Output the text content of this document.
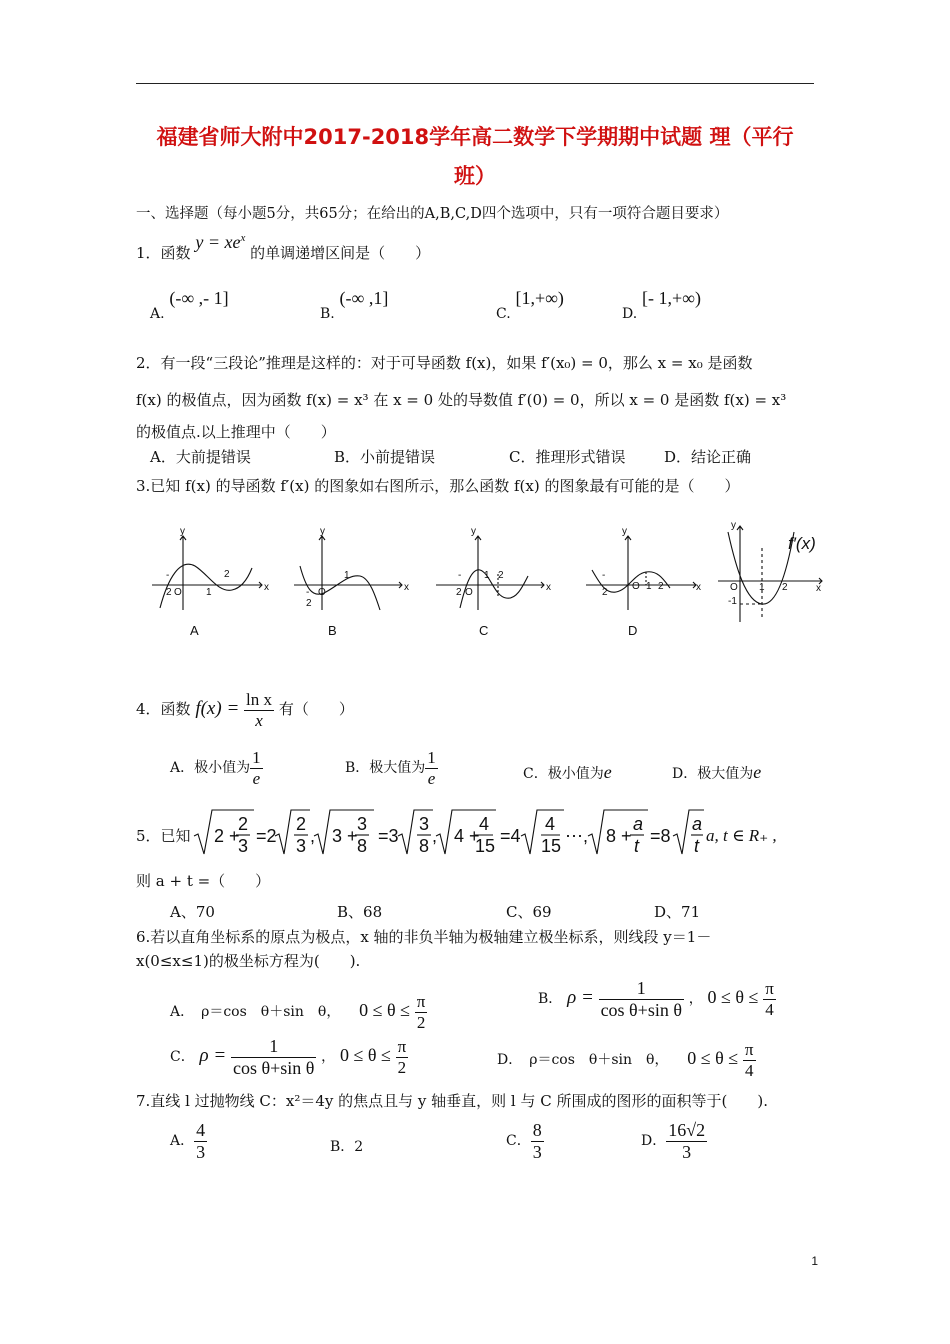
福建省师大附中2017-2018学年高二数学下学期期中试题 理（平行
班）
一、选择题（每小题5分，共65分；在给出的A,B,C,D四个选项中，只有一项符合题目要求）
1．函数 $y = xe^x$ 的单调递增区间是（　　）
A. (-∞ ,- 1]
B. (-∞ ,1]
C. [1,+∞)
D. [- 1,+∞)
2．有一段“三段论”推理是这样的：对于可导函数 f(x)，如果 f′(x₀) = 0，那么 x = x₀ 是函数
f(x) 的极值点，因为函数 f(x) = x³ 在 x = 0 处的导数值 f′(0) = 0，所以 x = 0 是函数 f(x) = x³
的极值点.以上推理中（　　）
A．大前提错误	B．小前提错误	C．推理形式错误	D．结论正确
3.已知 f(x) 的导函数 f′(x) 的图象如右图所示，那么函数 f(x) 的图象最有可能的是（　　）
y
x
-
2 O 1
2
y
x
-
2
O
1
y
x
-
2 O
1 2
y
x
-
2
O 1 2
y
x
O 1 2
-1
A	B	C	D
f′(x)
4．函数 $f(x) = \frac{\text{ln x}}{x}$ 有（　　）
A．极小值为 $\frac{1}{e}$	B．极大值为 $\frac{1}{e}$	C．极小值为e	D．极大值为e
5．已知 2 +
2
3 =2
2
3 , 3 +
3
8 =3
3
8 , 4 +
4
15 =4
4
15 ⋯, 8 +
a
t =8
a
t
a, t ∈ R₊ ,
则 a + t =（　　）
A、70	B、68	C、69	D、71
6.若以直角坐标系的原点为极点，x 轴的非负半轴为极轴建立极坐标系，则线段 y＝1－
x(0≤x≤1)的极坐标方程为(　　).
A．　ρ＝cos　θ＋sin　θ， $0 \le \theta \le \frac{\pi}{2}$	B． $\rho = \frac{1}{\text{cos θ+sin θ}}$ ， $0 \le \theta \le \frac{\pi}{4}$
C． $\rho = \frac{1}{\text{cos θ+sin θ}}$ ， $0 \le \theta \le \frac{\pi}{2}$	D．　ρ＝cos　θ＋sin　θ， $0 \le \theta \le \frac{\pi}{4}$
7.直线 l 过抛物线 C：x²＝4y 的焦点且与 y 轴垂直，则 l 与 C 所围成的图形的面积等于(　　).
A． $\frac{4}{3}$	B．2	C． $\frac{8}{3}$	D． $\frac{16√2}{3}$
1
